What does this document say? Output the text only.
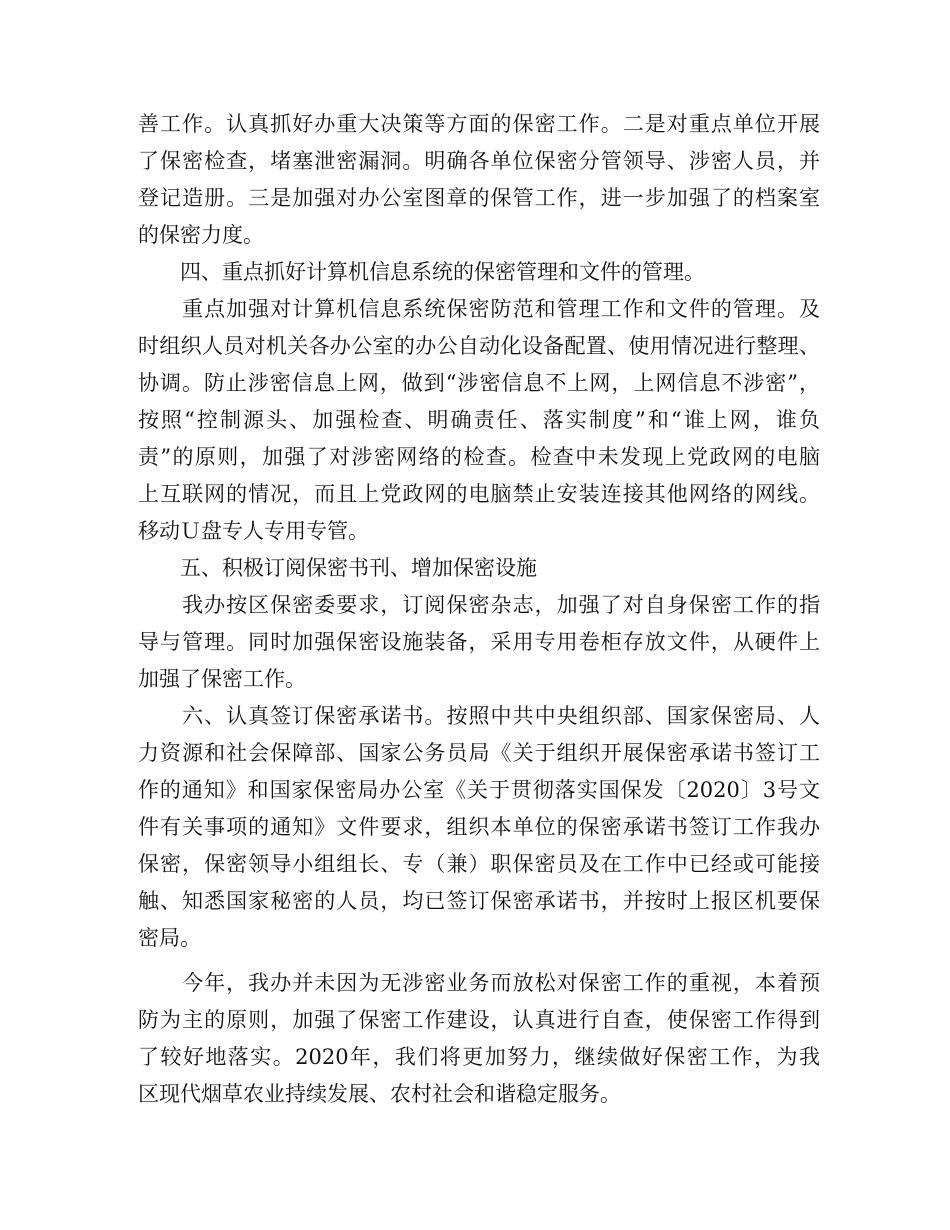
善工作。认真抓好办重大决策等方面的保密工作。二是对重点单位开展
了保密检查，堵塞泄密漏洞。明确各单位保密分管领导、涉密人员，并
登记造册。三是加强对办公室图章的保管工作，进一步加强了的档案室
的保密力度。
　　四、重点抓好计算机信息系统的保密管理和文件的管理。
　　重点加强对计算机信息系统保密防范和管理工作和文件的管理。及
时组织人员对机关各办公室的办公自动化设备配置、使用情况进行整理、
协调。防止涉密信息上网，做到“涉密信息不上网，上网信息不涉密”，
按照“控制源头、加强检查、明确责任、落实制度”和“谁上网，谁负
责”的原则，加强了对涉密网络的检查。检查中未发现上党政网的电脑
上互联网的情况，而且上党政网的电脑禁止安装连接其他网络的网线。
移动Ｕ盘专人专用专管。
　　五、积极订阅保密书刊、增加保密设施
　　我办按区保密委要求，订阅保密杂志，加强了对自身保密工作的指
导与管理。同时加强保密设施装备，采用专用卷柜存放文件，从硬件上
加强了保密工作。
　　六、认真签订保密承诺书。按照中共中央组织部、国家保密局、人
力资源和社会保障部、国家公务员局《关于组织开展保密承诺书签订工
作的通知》和国家保密局办公室《关于贯彻落实国保发〔2020〕3号文
件有关事项的通知》文件要求，组织本单位的保密承诺书签订工作我办
保密，保密领导小组组长、专（兼）职保密员及在工作中已经或可能接
触、知悉国家秘密的人员，均已签订保密承诺书，并按时上报区机要保
密局。
　　今年，我办并未因为无涉密业务而放松对保密工作的重视，本着预
防为主的原则，加强了保密工作建设，认真进行自查，使保密工作得到
了较好地落实。2020年，我们将更加努力，继续做好保密工作，为我
区现代烟草农业持续发展、农村社会和谐稳定服务。
